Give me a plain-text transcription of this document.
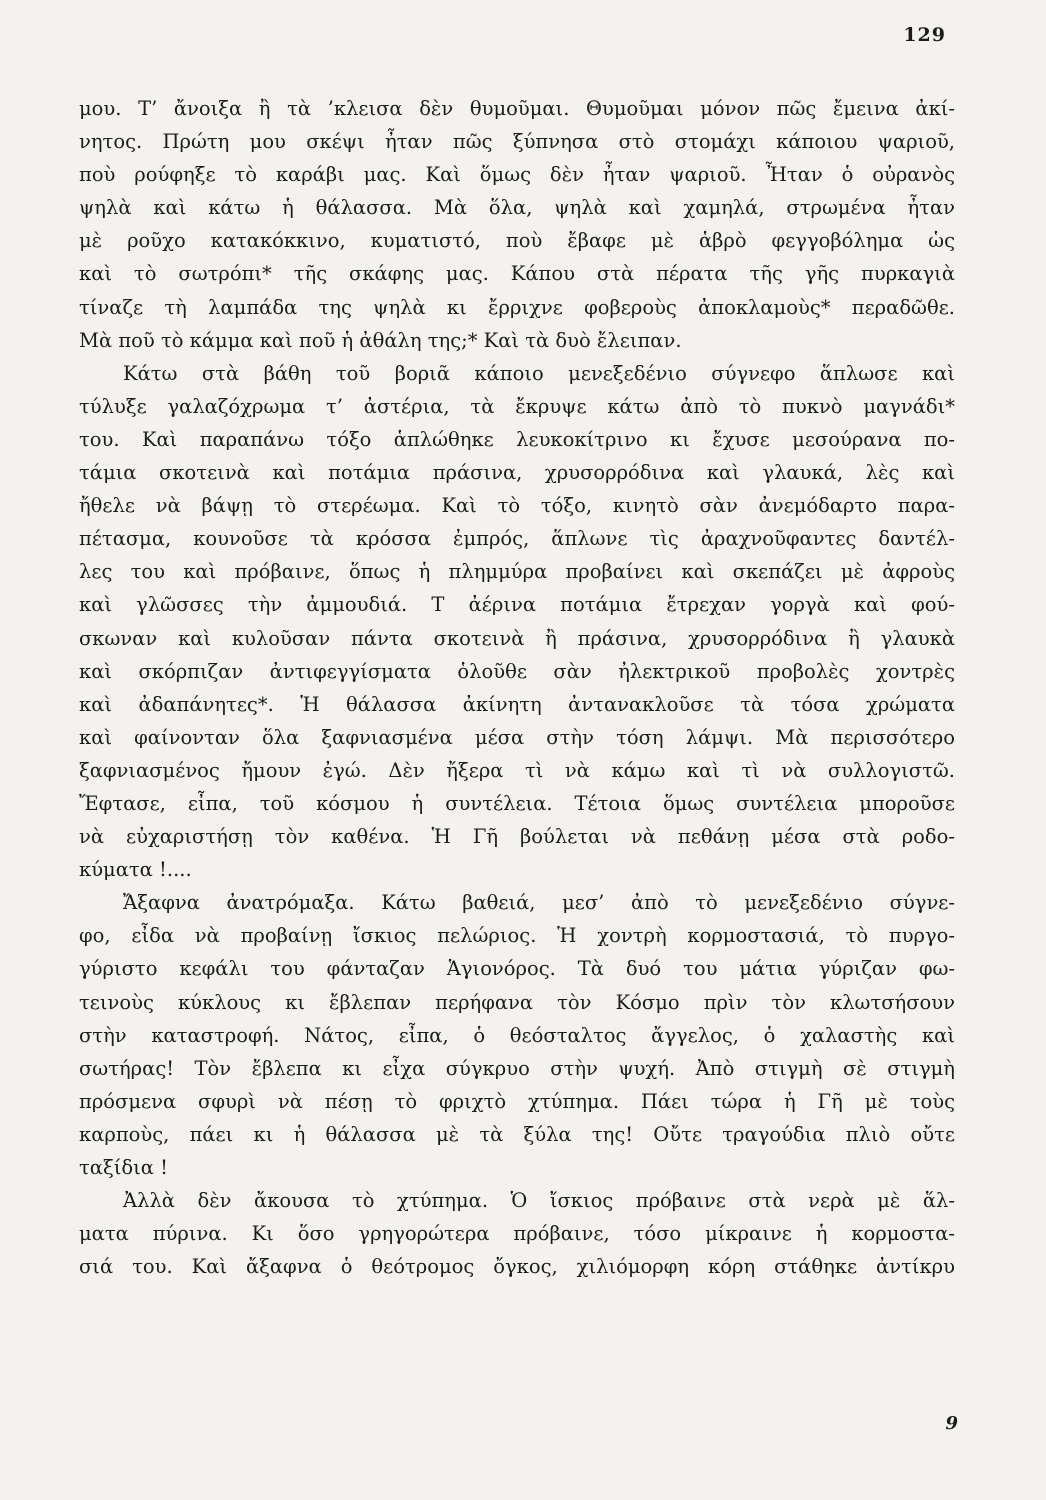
129
μου. Τ’ ἄνοιξα ἢ τὰ ’κλεισα δὲν θυμοῦμαι. Θυμοῦμαι μόνον πῶς ἔμεινα ἀκί-
νητος. Πρώτη μου σκέψι ἦταν πῶς ξύπνησα στὸ στομάχι κάποιου ψαριοῦ,
ποὺ ρούφηξε τὸ καράβι μας. Καὶ ὅμως δὲν ἦταν ψαριοῦ. Ἦταν ὁ οὐρανὸς
ψηλὰ καὶ κάτω ἡ θάλασσα. Μὰ ὅλα, ψηλὰ καὶ χαμηλά, στρωμένα ἦταν
μὲ ροῦχο κατακόκκινο, κυματιστό, ποὺ ἔβαφε μὲ ἁβρὸ φεγγοβόλημα ὡς
καὶ τὸ σωτρόπι* τῆς σκάφης μας. Κάπου στὰ πέρατα τῆς γῆς πυρκαγιὰ
τίναζε τὴ λαμπάδα της ψηλὰ κι ἔρριχνε φοβεροὺς ἀποκλαμοὺς* περαδῶθε.
Μὰ ποῦ τὸ κάμμα καὶ ποῦ ἡ ἀθάλη της;* Καὶ τὰ δυὸ ἔλειπαν.
Κάτω στὰ βάθη τοῦ βοριᾶ κάποιο μενεξεδένιο σύγνεφο ἅπλωσε καὶ
τύλυξε γαλαζόχρωμα τ’ ἀστέρια, τὰ ἔκρυψε κάτω ἀπὸ τὸ πυκνὸ μαγνάδι*
του. Καὶ παραπάνω τόξο ἁπλώθηκε λευκοκίτρινο κι ἔχυσε μεσούρανα πο-
τάμια σκοτεινὰ καὶ ποτάμια πράσινα, χρυσορρόδινα καὶ γλαυκά, λὲς καὶ
ἤθελε νὰ βάψῃ τὸ στερέωμα. Καὶ τὸ τόξο, κινητὸ σὰν ἀνεμόδαρτο παρα-
πέτασμα, κουνοῦσε τὰ κρόσσα ἐμπρός, ἅπλωνε τὶς ἀραχνοῦφαντες δαντέλ-
λες του καὶ πρόβαινε, ὅπως ἡ πλημμύρα προβαίνει καὶ σκεπάζει μὲ ἀφροὺς
καὶ γλῶσσες τὴν ἀμμουδιά. Τ ἀέρινα ποτάμια ἔτρεχαν γοργὰ καὶ φού-
σκωναν καὶ κυλοῦσαν πάντα σκοτεινὰ ἢ πράσινα, χρυσορρόδινα ἢ γλαυκὰ
καὶ σκόρπιζαν ἀντιφεγγίσματα ὁλοῦθε σὰν ἠλεκτρικοῦ προβολὲς χοντρὲς
καὶ ἀδαπάνητες*. Ἡ θάλασσα ἀκίνητη ἀντανακλοῦσε τὰ τόσα χρώματα
καὶ φαίνονταν ὅλα ξαφνιασμένα μέσα στὴν τόση λάμψι. Μὰ περισσότερο
ξαφνιασμένος ἤμουν ἐγώ. Δὲν ἤξερα τὶ νὰ κάμω καὶ τὶ νὰ συλλογιστῶ.
Ἔφτασε, εἶπα, τοῦ κόσμου ἡ συντέλεια. Τέτοια ὅμως συντέλεια μποροῦσε
νὰ εὐχαριστήσῃ τὸν καθένα. Ἡ Γῆ βούλεται νὰ πεθάνῃ μέσα στὰ ροδο-
κύματα !....
Ἄξαφνα ἀνατρόμαξα. Κάτω βαθειά, μεσ’ ἀπὸ τὸ μενεξεδένιο σύγνε-
φο, εἶδα νὰ προβαίνῃ ἴσκιος πελώριος. Ἡ χοντρὴ κορμοστασιά, τὸ πυργο-
γύριστο κεφάλι του φάνταζαν Ἁγιονόρος. Τὰ δυό του μάτια γύριζαν φω-
τεινοὺς κύκλους κι ἔβλεπαν περήφανα τὸν Κόσμο πρὶν τὸν κλωτσήσουν
στὴν καταστροφή. Νάτος, εἶπα, ὁ θεόσταλτος ἄγγελος, ὁ χαλαστὴς καὶ
σωτήρας! Τὸν ἔβλεπα κι εἶχα σύγκρυο στὴν ψυχή. Ἀπὸ στιγμὴ σὲ στιγμὴ
πρόσμενα σφυρὶ νὰ πέσῃ τὸ φριχτὸ χτύπημα. Πάει τώρα ἡ Γῆ μὲ τοὺς
καρποὺς, πάει κι ἡ θάλασσα μὲ τὰ ξύλα της! Οὔτε τραγούδια πλιὸ οὔτε
ταξίδια !
Ἀλλὰ δὲν ἄκουσα τὸ χτύπημα. Ὁ ἴσκιος πρόβαινε στὰ νερὰ μὲ ἅλ-
ματα πύρινα. Κι ὅσο γρηγορώτερα πρόβαινε, τόσο μίκραινε ἡ κορμοστα-
σιά του. Καὶ ἄξαφνα ὁ θεότρομος ὄγκος, χιλιόμορφη κόρη στάθηκε ἀντίκρυ
9
